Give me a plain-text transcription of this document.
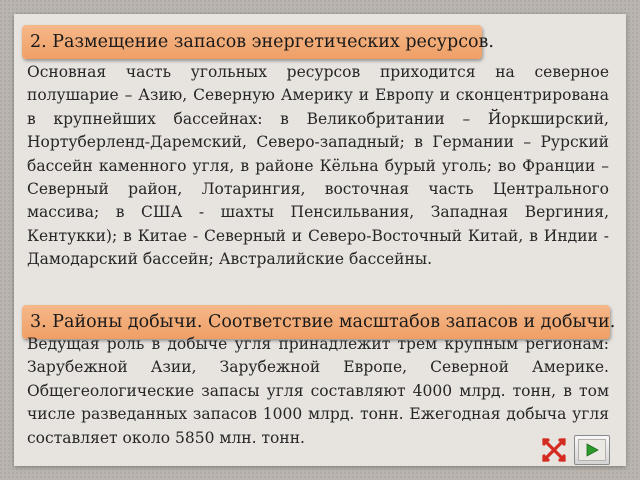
2. Размещение запасов энергетических ресурсов.

Основная часть угольных ресурсов приходится на северное полушарие – Азию, Северную Америку и Европу и сконцентрирована в крупнейших бассейнах: в Великобритании – Йоркширский, Нортуберленд-Даремский, Северо-западный; в Германии – Рурский бассейн каменного угля, в районе Кёльна бурый уголь; во Франции – Северный район, Лотарингия, восточная часть Центрального массива; в США - шахты Пенсильвания, Западная Вергиния, Кентукки); в Китае - Северный и Северо-Восточный Китай, в Индии - Дамодарский бассейн; Австралийские бассейны.

3. Районы добычи. Соответствие масштабов запасов и добычи.

Ведущая роль в добыче угля принадлежит трем крупным регионам: Зарубежной Азии, Зарубежной Европе, Северной Америке. Общегеологические запасы угля составляют 4000 млрд. тонн, в том числе разведанных запасов 1000 млрд. тонн. Ежегодная добыча угля составляет около 5850 млн. тонн.
